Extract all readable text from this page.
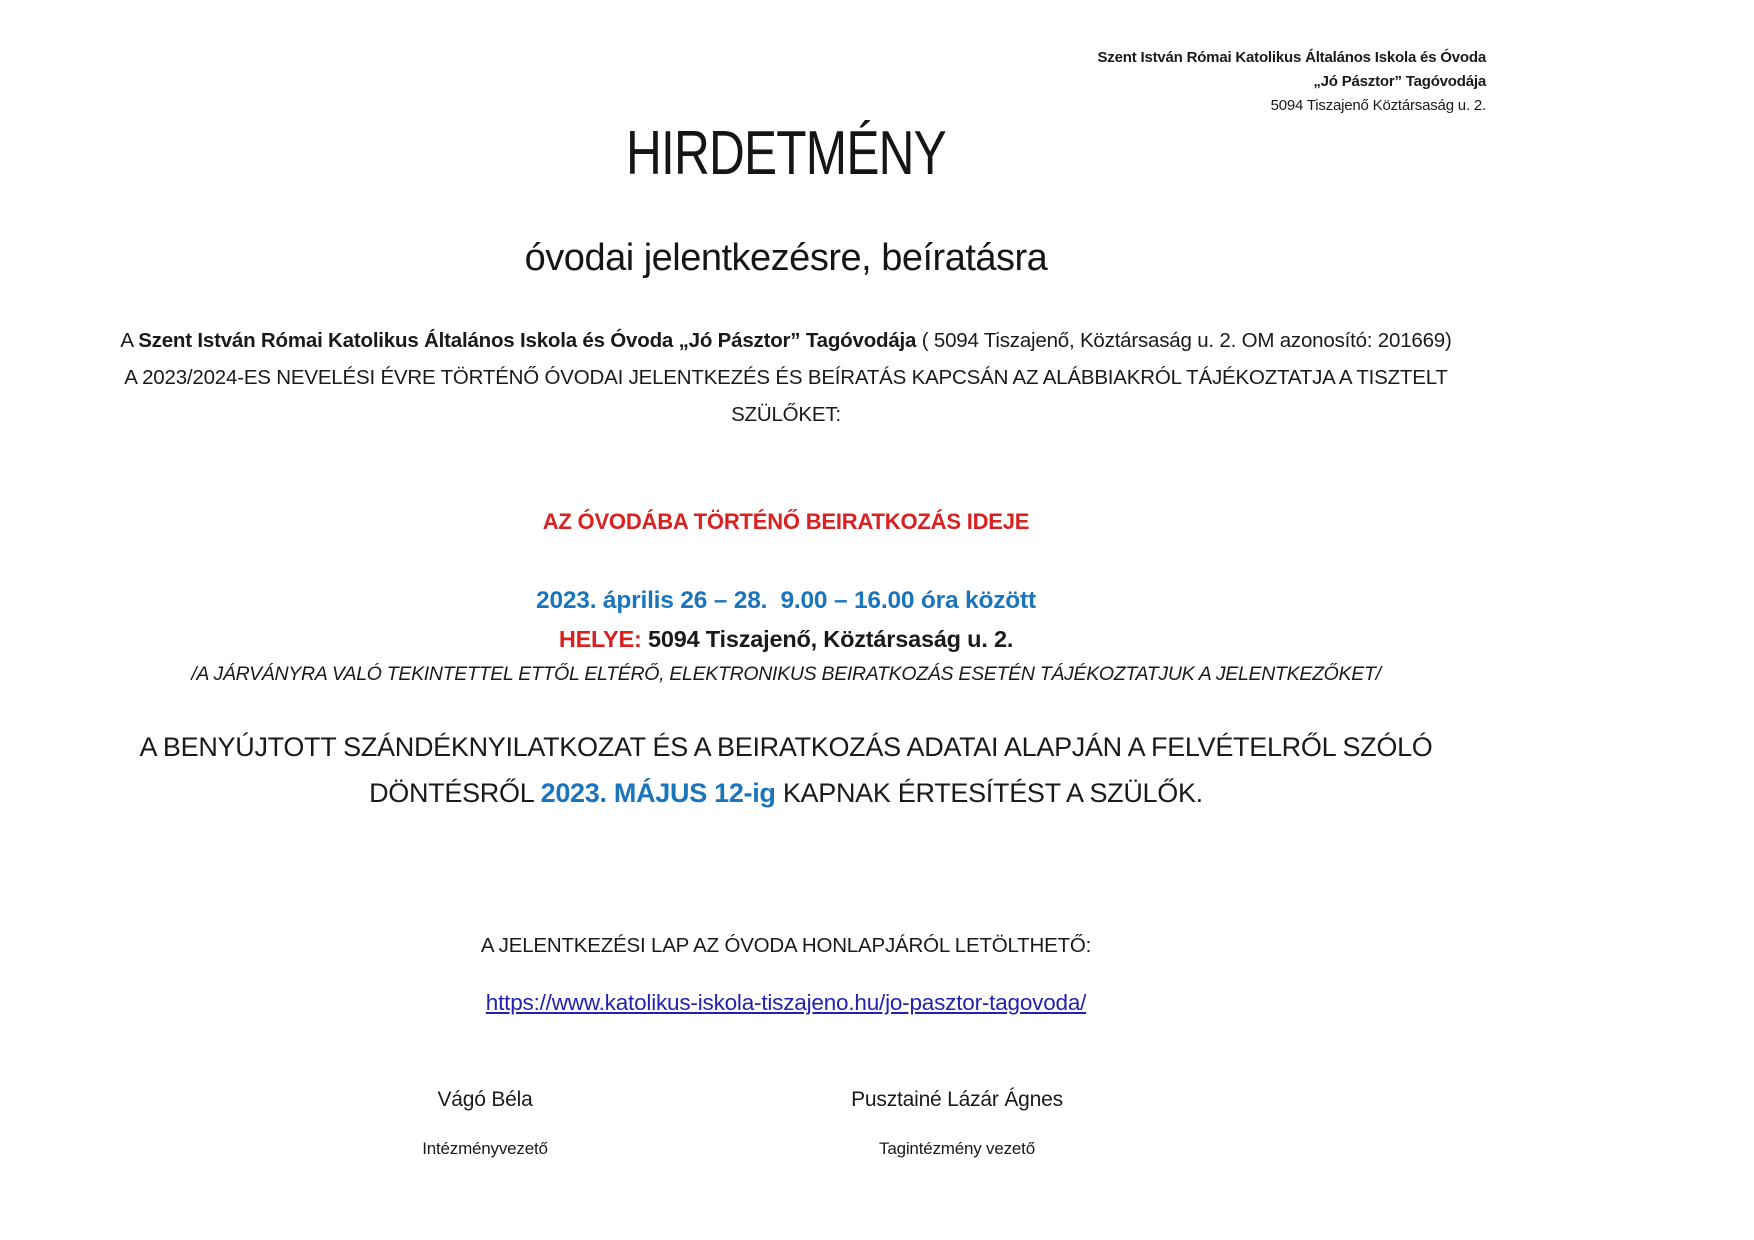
Szent István Római Katolikus Általános Iskola és Óvoda
„Jó Pásztor” Tagóvodája
5094 Tiszajenő Köztársaság u. 2.
HIRDETMÉNY
óvodai jelentkezésre, beíratásra
A Szent István Római Katolikus Általános Iskola és Óvoda „Jó Pásztor” Tagóvodája ( 5094 Tiszajenő, Köztársaság u. 2. OM azonosító: 201669)
A 2023/2024-ES NEVELÉSI ÉVRE TÖRTÉNŐ ÓVODAI JELENTKEZÉS ÉS BEÍRATÁS KAPCSÁN AZ ALÁBBIAKRÓL TÁJÉKOZTATJA A TISZTELT SZÜLŐKET:
AZ ÓVODÁBA TÖRTÉNŐ BEIRATKOZÁS IDEJE
2023. április 26 – 28.  9.00 – 16.00 óra között
HELYE: 5094 Tiszajenő, Köztársaság u. 2.
/A JÁRVÁNYRA VALÓ TEKINTETTEL ETTŐL ELTÉRŐ, ELEKTRONIKUS BEIRATKOZÁS ESETÉN TÁJÉKOZTATJUK A JELENTKEZŐKET/
A BENYÚJTOTT SZÁNDÉKNYILATKOZAT ÉS A BEIRATKOZÁS ADATAI ALAPJÁN A FELVÉTELRŐL SZÓLÓ DÖNTÉSRŐL 2023. MÁJUS 12-ig KAPNAK ÉRTESÍTÉST A SZÜLŐK.
A JELENTKEZÉSI LAP AZ ÓVODA HONLAPJÁRÓL LETÖLTHETŐ:
https://www.katolikus-iskola-tiszajeno.hu/jo-pasztor-tagovoda/
Vágó Béla
Intézményvezető
Pusztainé Lázár Ágnes
Tagintézmény vezető
